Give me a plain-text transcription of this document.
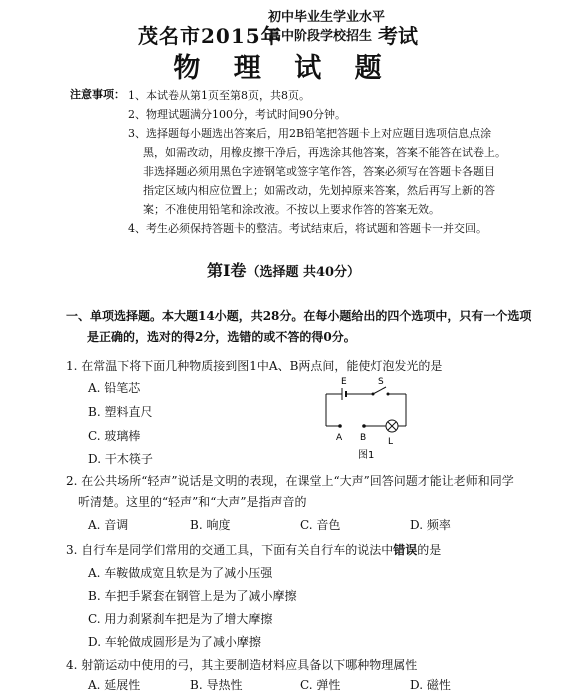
茂名市2015年
初中毕业生学业水平
高中阶段学校招生 考试
物 理 试 题
注意事项： 1、本试卷从第1页至第8页，共8页。
2、物理试题满分100分，考试时间90分钟。
3、选择题每小题选出答案后，用2B铅笔把答题卡上对应题目选项信息点涂
黑，如需改动，用橡皮擦干净后，再选涂其他答案，答案不能答在试卷上。
非选择题必须用黑色字迹钢笔或签字笔作答，答案必须写在答题卡各题目
指定区域内相应位置上；如需改动，先划掉原来答案，然后再写上新的答
案；不准使用铅笔和涂改液。不按以上要求作答的答案无效。
4、考生必须保持答题卡的整洁。考试结束后，将试题和答题卡一并交回。
第Ⅰ卷（选择题 共40分）
一、单项选择题。本大题14小题，共28分。在每小题给出的四个选项中，只有一个选项
是正确的，选对的得2分，选错的或不答的得0分。
1. 在常温下将下面几种物质接到图1中A、B两点间，能使灯泡发光的是
A. 铅笔芯
B. 塑料直尺
C. 玻璃棒
D. 干木筷子
E	S
A B L
图1
2. 在公共场所“轻声”说话是文明的表现，在课堂上“大声”回答问题才能让老师和同学
听清楚。这里的“轻声”和“大声”是指声音的
A. 音调	B. 响度	C. 音色	D. 频率
3. 自行车是同学们常用的交通工具，下面有关自行车的说法中错误的是
A. 车鞍做成宽且软是为了减小压强
B. 车把手紧套在钢管上是为了减小摩擦
C. 用力刹紧刹车把是为了增大摩擦
D. 车轮做成圆形是为了减小摩擦
4. 射箭运动中使用的弓，其主要制造材料应具备以下哪种物理属性
A. 延展性	B. 导热性	C. 弹性	D. 磁性
